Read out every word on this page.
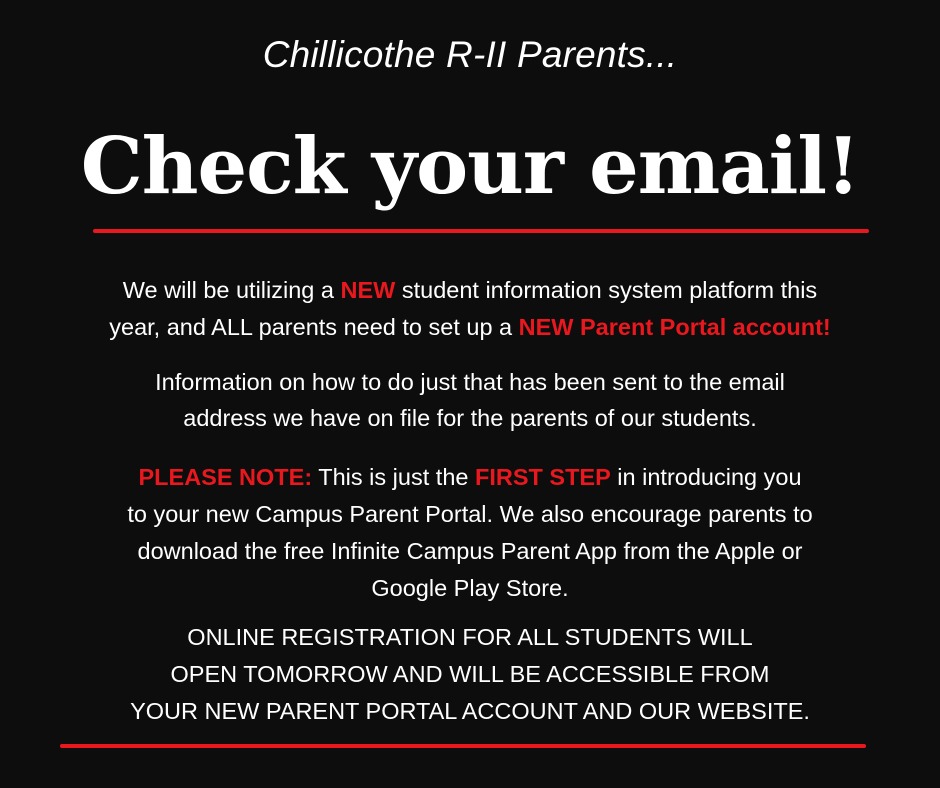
Chillicothe R-II Parents...
Check your email!
We will be utilizing a NEW student information system platform this
year, and ALL parents need to set up a NEW Parent Portal account!
Information on how to do just that has been sent to the email
address we have on file for the parents of our students.
PLEASE NOTE: This is just the FIRST STEP in introducing you
to your new Campus Parent Portal. We also encourage parents to
download the free Infinite Campus Parent App from the Apple or
Google Play Store.
ONLINE REGISTRATION FOR ALL STUDENTS WILL
OPEN TOMORROW AND WILL BE ACCESSIBLE FROM
YOUR NEW PARENT PORTAL ACCOUNT AND OUR WEBSITE.
